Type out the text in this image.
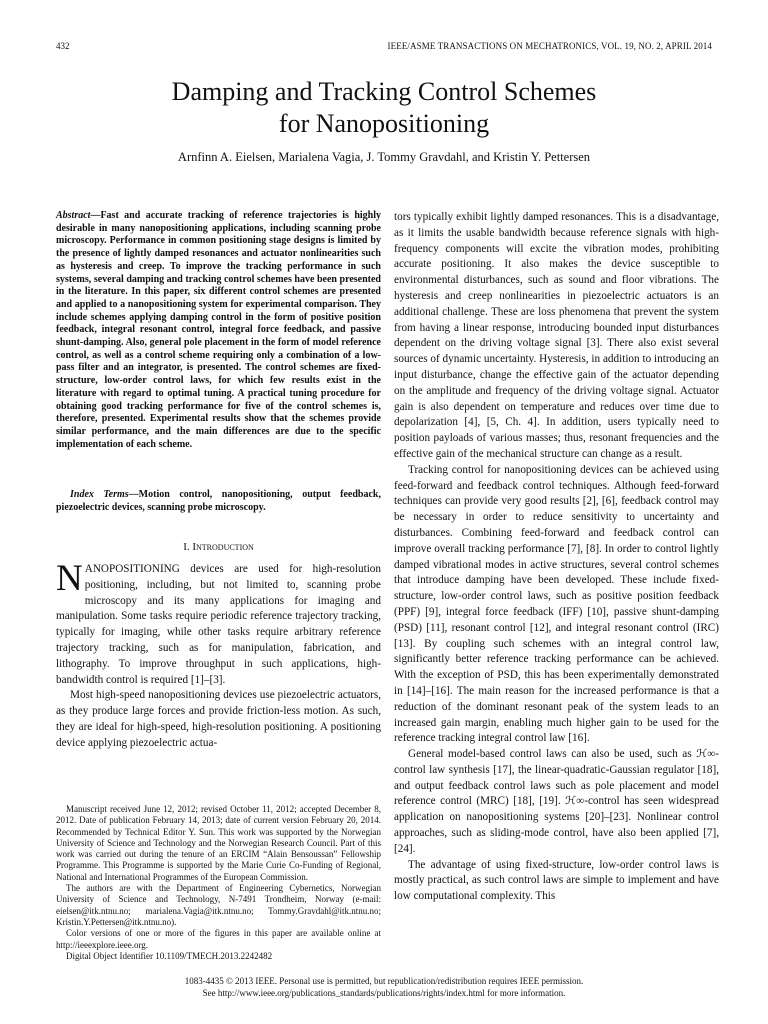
432	IEEE/ASME TRANSACTIONS ON MECHATRONICS, VOL. 19, NO. 2, APRIL 2014
Damping and Tracking Control Schemes
for Nanopositioning
Arnfinn A. Eielsen, Marialena Vagia, J. Tommy Gravdahl, and Kristin Y. Pettersen

Abstract—Fast and accurate tracking of reference trajectories is highly desirable in many nanopositioning applications, including scanning probe microscopy. Performance in common positioning stage designs is limited by the presence of lightly damped resonances and actuator nonlinearities such as hysteresis and creep. To improve the tracking performance in such systems, several damping and tracking control schemes have been presented in the literature. In this paper, six different control schemes are presented and applied to a nanopositioning system for experimental comparison. They include schemes applying damping control in the form of positive position feedback, integral resonant control, integral force feedback, and passive shunt-damping. Also, general pole placement in the form of model reference control, as well as a control scheme requiring only a combination of a low-pass filter and an integrator, is presented. The control schemes are fixed-structure, low-order control laws, for which few results exist in the literature with regard to optimal tuning. A practical tuning procedure for obtaining good tracking performance for five of the control schemes is, therefore, presented. Experimental results show that the schemes provide similar performance, and the main differences are due to the specific implementation of each scheme.

Index Terms—Motion control, nanopositioning, output feedback, piezoelectric devices, scanning probe microscopy.

I. Introduction

NANOPOSITIONING devices are used for high-resolution positioning, including, but not limited to, scanning probe microscopy and its many applications for imaging and manipulation. Some tasks require periodic reference trajectory tracking, typically for imaging, while other tasks require arbitrary reference trajectory tracking, such as for manipulation, fabrication, and lithography. To improve throughput in such applications, high-bandwidth control is required [1]–[3].

Most high-speed nanopositioning devices use piezoelectric actuators, as they produce large forces and provide friction-less motion. As such, they are ideal for high-speed, high-resolution positioning. A positioning device applying piezoelectric actua-

Manuscript received June 12, 2012; revised October 11, 2012; accepted December 8, 2012. Date of publication February 14, 2013; date of current version February 20, 2014. Recommended by Technical Editor Y. Sun. This work was supported by the Norwegian University of Science and Technology and the Norwegian Research Council. Part of this work was carried out during the tenure of an ERCIM “Alain Bensoussan” Fellowship Programme. This Programme is supported by the Marie Curie Co-Funding of Regional, National and International Programmes of the European Commission.

The authors are with the Department of Engineering Cybernetics, Norwegian University of Science and Technology, N-7491 Trondheim, Norway (e-mail: eielsen@itk.ntnu.no; marialena.Vagia@itk.ntnu.no; Tommy.Gravdahl@itk.ntnu.no; Kristin.Y.Pettersen@itk.ntnu.no).

Color versions of one or more of the figures in this paper are available online at http://ieeexplore.ieee.org.

Digital Object Identifier 10.1109/TMECH.2013.2242482

tors typically exhibit lightly damped resonances. This is a disadvantage, as it limits the usable bandwidth because reference signals with high-frequency components will excite the vibration modes, prohibiting accurate positioning. It also makes the device susceptible to environmental disturbances, such as sound and floor vibrations. The hysteresis and creep nonlinearities in piezoelectric actuators is an additional challenge. These are loss phenomena that prevent the system from having a linear response, introducing bounded input disturbances dependent on the driving voltage signal [3]. There also exist several sources of dynamic uncertainty. Hysteresis, in addition to introducing an input disturbance, change the effective gain of the actuator depending on the amplitude and frequency of the driving voltage signal. Actuator gain is also dependent on temperature and reduces over time due to depolarization [4], [5, Ch. 4]. In addition, users typically need to position payloads of various masses; thus, resonant frequencies and the effective gain of the mechanical structure can change as a result.

Tracking control for nanopositioning devices can be achieved using feed-forward and feedback control techniques. Although feed-forward techniques can provide very good results [2], [6], feedback control may be necessary in order to reduce sensitivity to uncertainty and disturbances. Combining feed-forward and feedback control can improve overall tracking performance [7], [8]. In order to control lightly damped vibrational modes in active structures, several control schemes that introduce damping have been developed. These include fixed-structure, low-order control laws, such as positive position feedback (PPF) [9], integral force feedback (IFF) [10], passive shunt-damping (PSD) [11], resonant control [12], and integral resonant control (IRC) [13]. By coupling such schemes with an integral control law, significantly better reference tracking performance can be achieved. With the exception of PSD, this has been experimentally demonstrated in [14]–[16]. The main reason for the increased performance is that a reduction of the dominant resonant peak of the system leads to an increased gain margin, enabling much higher gain to be used for the reference tracking integral control law [16].

General model-based control laws can also be used, such as ℋ∞-control law synthesis [17], the linear-quadratic-Gaussian regulator [18], and output feedback control laws such as pole placement and model reference control (MRC) [18], [19]. ℋ∞-control has seen widespread application on nanopositioning systems [20]–[23]. Nonlinear control approaches, such as sliding-mode control, have also been applied [7], [24].

The advantage of using fixed-structure, low-order control laws is mostly practical, as such control laws are simple to implement and have low computational complexity. This

1083-4435 © 2013 IEEE. Personal use is permitted, but republication/redistribution requires IEEE permission.
See http://www.ieee.org/publications_standards/publications/rights/index.html for more information.
